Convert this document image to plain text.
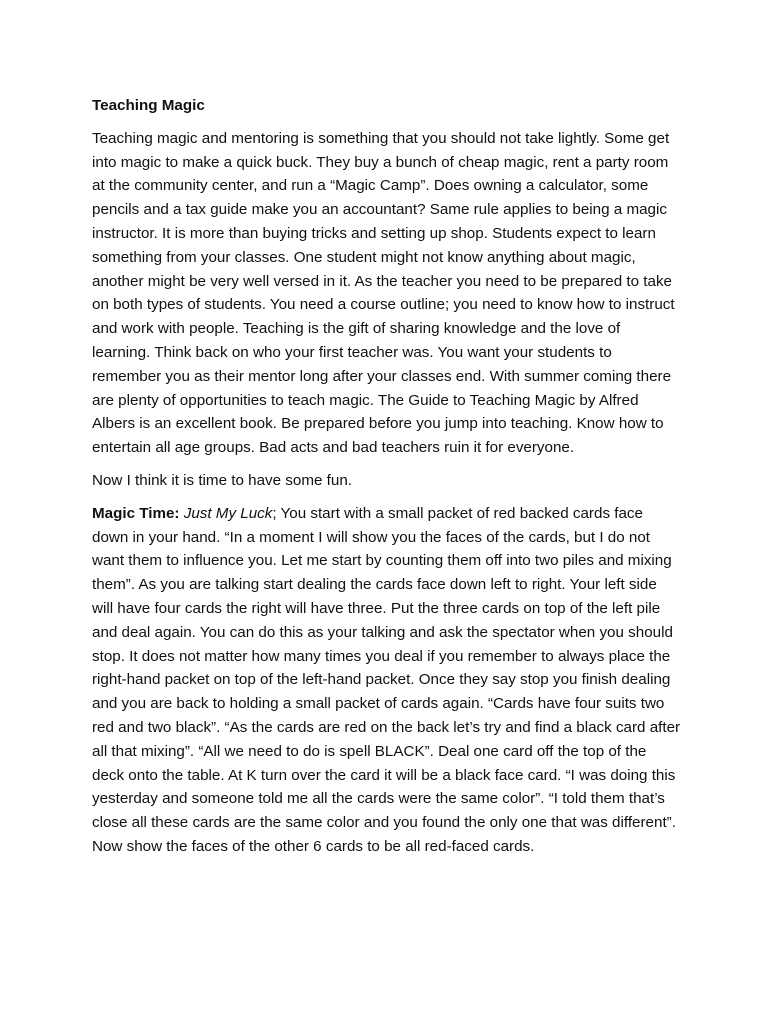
Teaching Magic

Teaching magic and mentoring is something that you should not take lightly. Some get into magic to make a quick buck. They buy a bunch of cheap magic, rent a party room at the community center, and run a “Magic Camp”. Does owning a calculator, some pencils and a tax guide make you an accountant? Same rule applies to being a magic instructor. It is more than buying tricks and setting up shop. Students expect to learn something from your classes. One student might not know anything about magic, another might be very well versed in it. As the teacher you need to be prepared to take on both types of students. You need a course outline; you need to know how to instruct and work with people. Teaching is the gift of sharing knowledge and the love of learning. Think back on who your first teacher was. You want your students to remember you as their mentor long after your classes end. With summer coming there are plenty of opportunities to teach magic. The Guide to Teaching Magic by Alfred Albers is an excellent book. Be prepared before you jump into teaching. Know how to entertain all age groups. Bad acts and bad teachers ruin it for everyone.

Now I think it is time to have some fun.

Magic Time: Just My Luck; You start with a small packet of red backed cards face down in your hand. “In a moment I will show you the faces of the cards, but I do not want them to influence you. Let me start by counting them off into two piles and mixing them”. As you are talking start dealing the cards face down left to right. Your left side will have four cards the right will have three. Put the three cards on top of the left pile and deal again. You can do this as your talking and ask the spectator when you should stop. It does not matter how many times you deal if you remember to always place the right-hand packet on top of the left-hand packet. Once they say stop you finish dealing and you are back to holding a small packet of cards again. “Cards have four suits two red and two black”. “As the cards are red on the back let’s try and find a black card after all that mixing”. “All we need to do is spell BLACK”. Deal one card off the top of the deck onto the table. At K turn over the card it will be a black face card. “I was doing this yesterday and someone told me all the cards were the same color”. “I told them that’s close all these cards are the same color and you found the only one that was different”. Now show the faces of the other 6 cards to be all red-faced cards.
